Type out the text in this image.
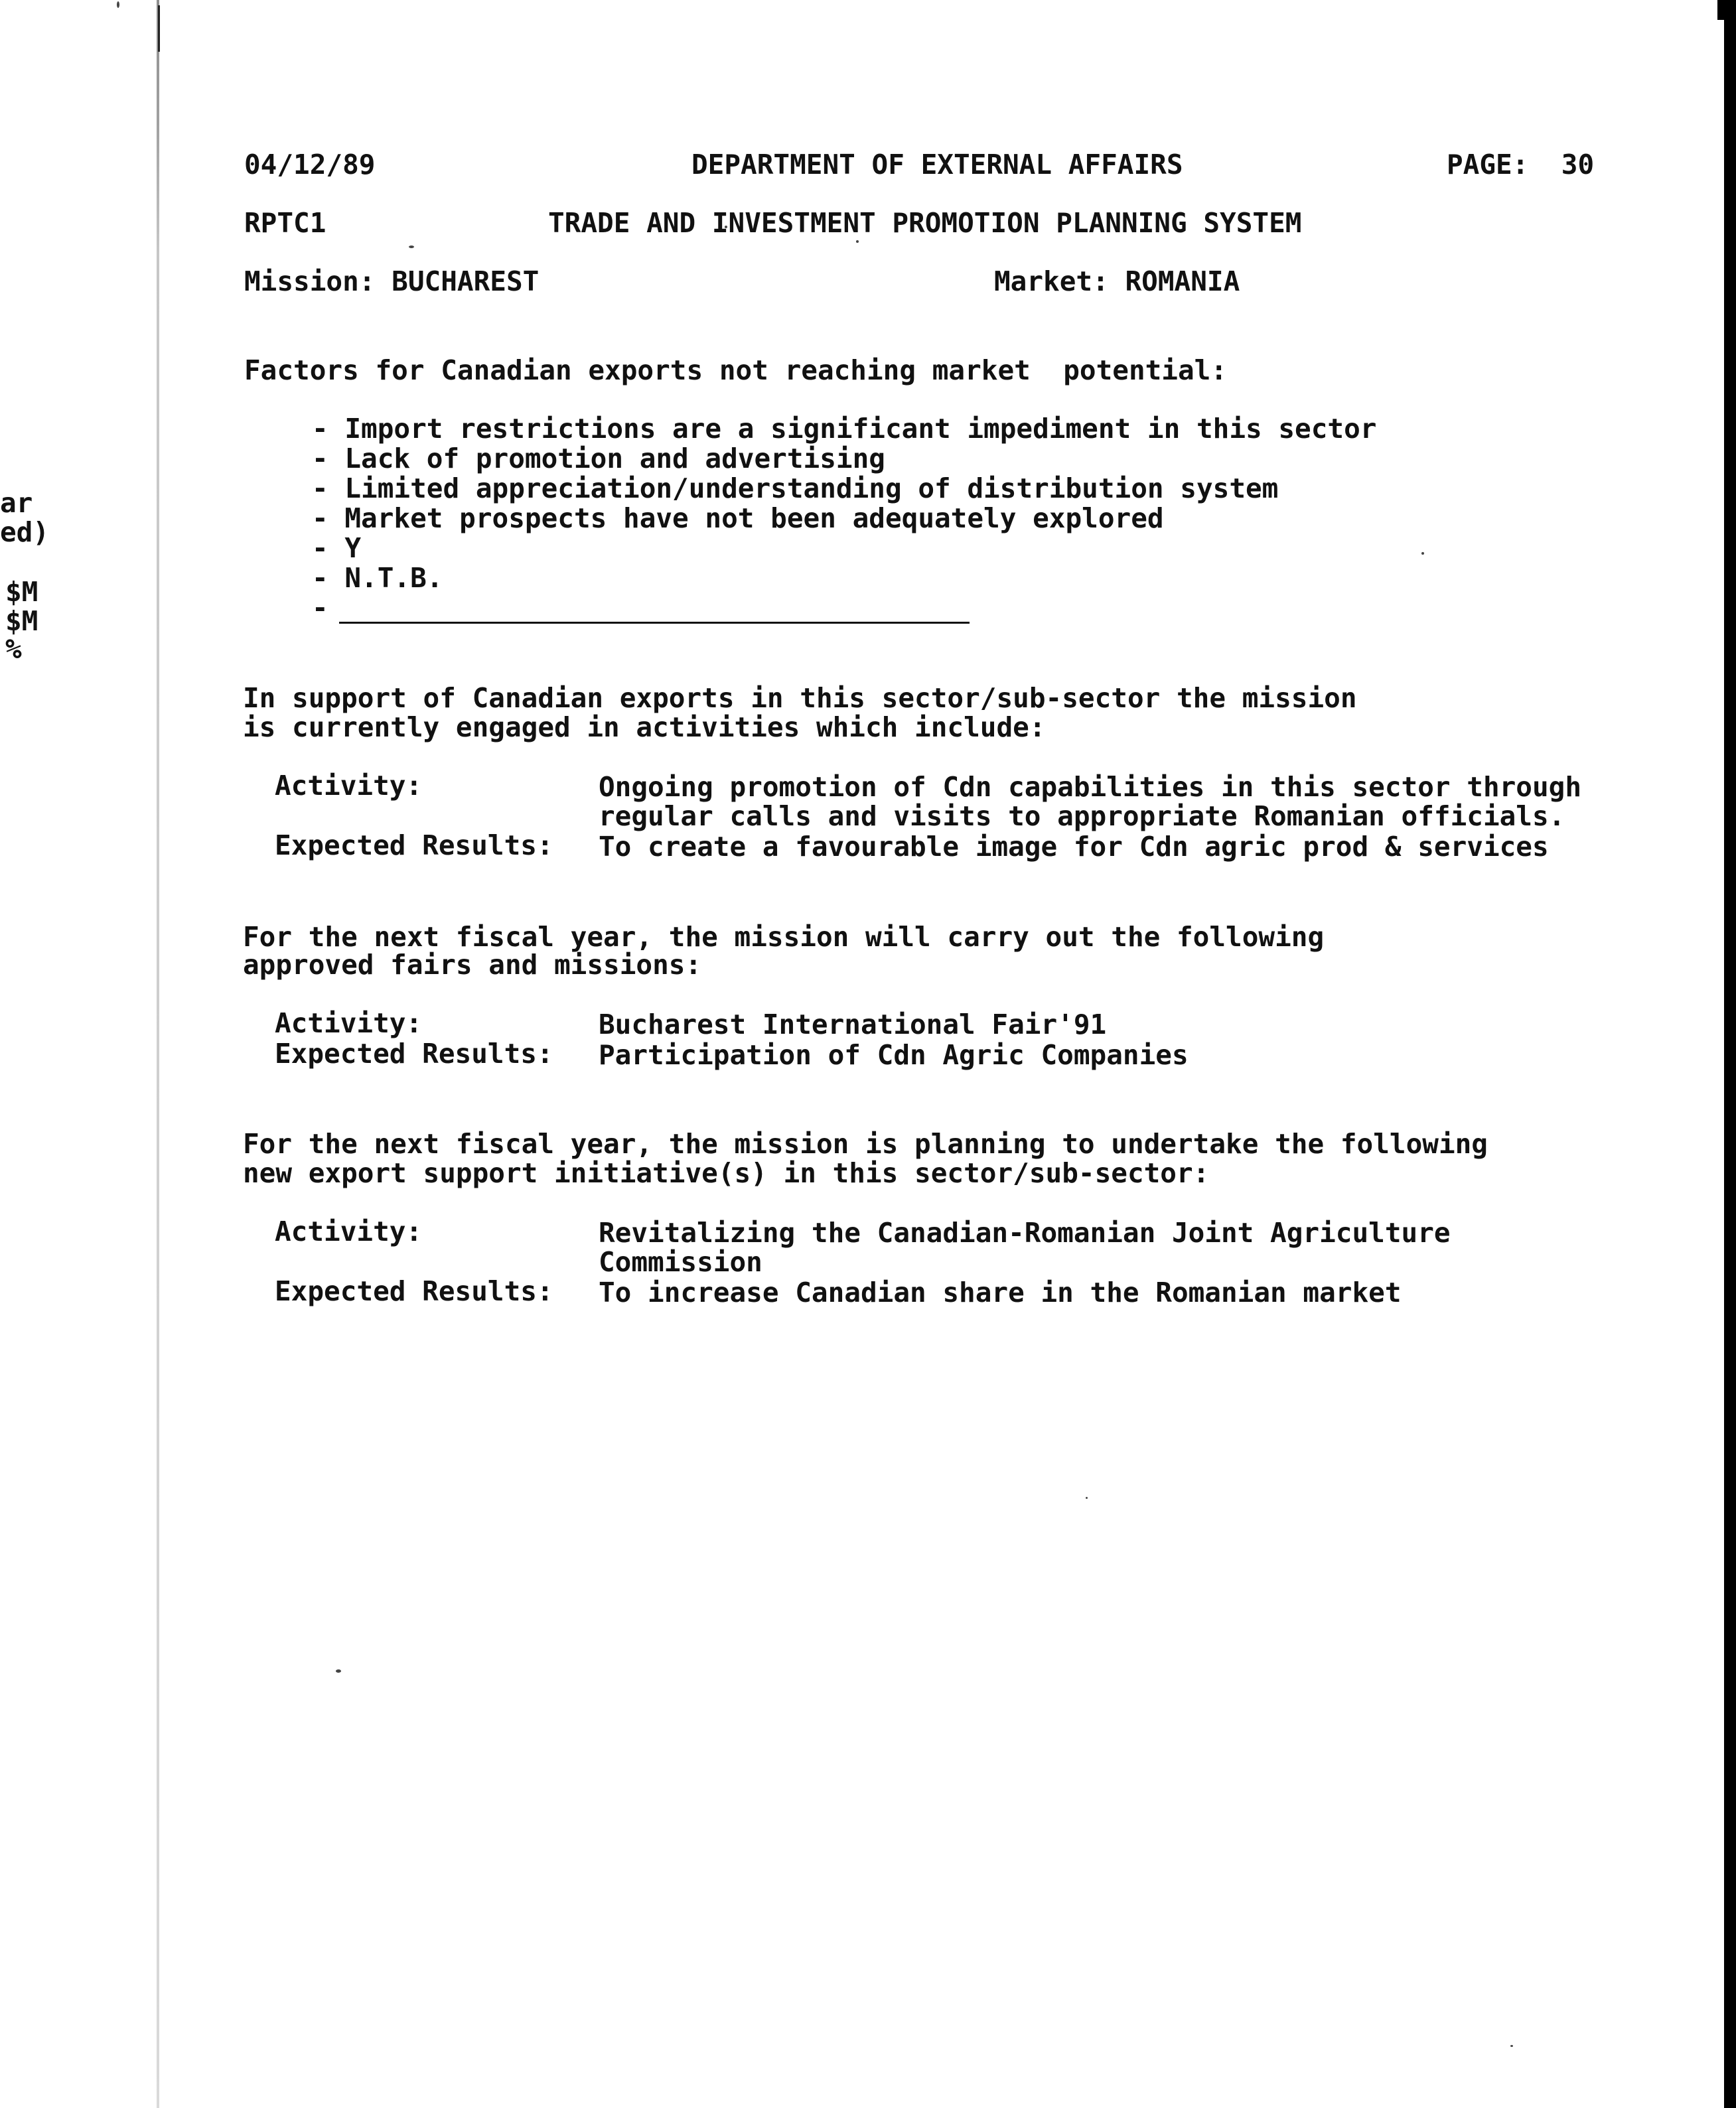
ar
ed)
$M
$M
%
04/12/89	DEPARTMENT OF EXTERNAL AFFAIRS	PAGE: 30
RPTC1	TRADE AND INVESTMENT PROMOTION PLANNING SYSTEM
Mission: BUCHAREST	Market: ROMANIA
Factors for Canadian exports not reaching market  potential:
- Import restrictions are a significant impediment in this sector
- Lack of promotion and advertising
- Limited appreciation/understanding of distribution system
- Market prospects have not been adequately explored
- Y
- N.T.B.
-
In support of Canadian exports in this sector/sub-sector the mission
is currently engaged in activities which include:
Activity:	Ongoing promotion of Cdn capabilities in this sector through
regular calls and visits to appropriate Romanian officials.
Expected Results: To create a favourable image for Cdn agric prod & services
For the next fiscal year, the mission will carry out the following
approved fairs and missions:
Activity:	Bucharest International Fair'91
Expected Results: Participation of Cdn Agric Companies
For the next fiscal year, the mission is planning to undertake the following
new export support initiative(s) in this sector/sub-sector:
Activity:	Revitalizing the Canadian-Romanian Joint Agriculture
Commission
Expected Results: To increase Canadian share in the Romanian market
